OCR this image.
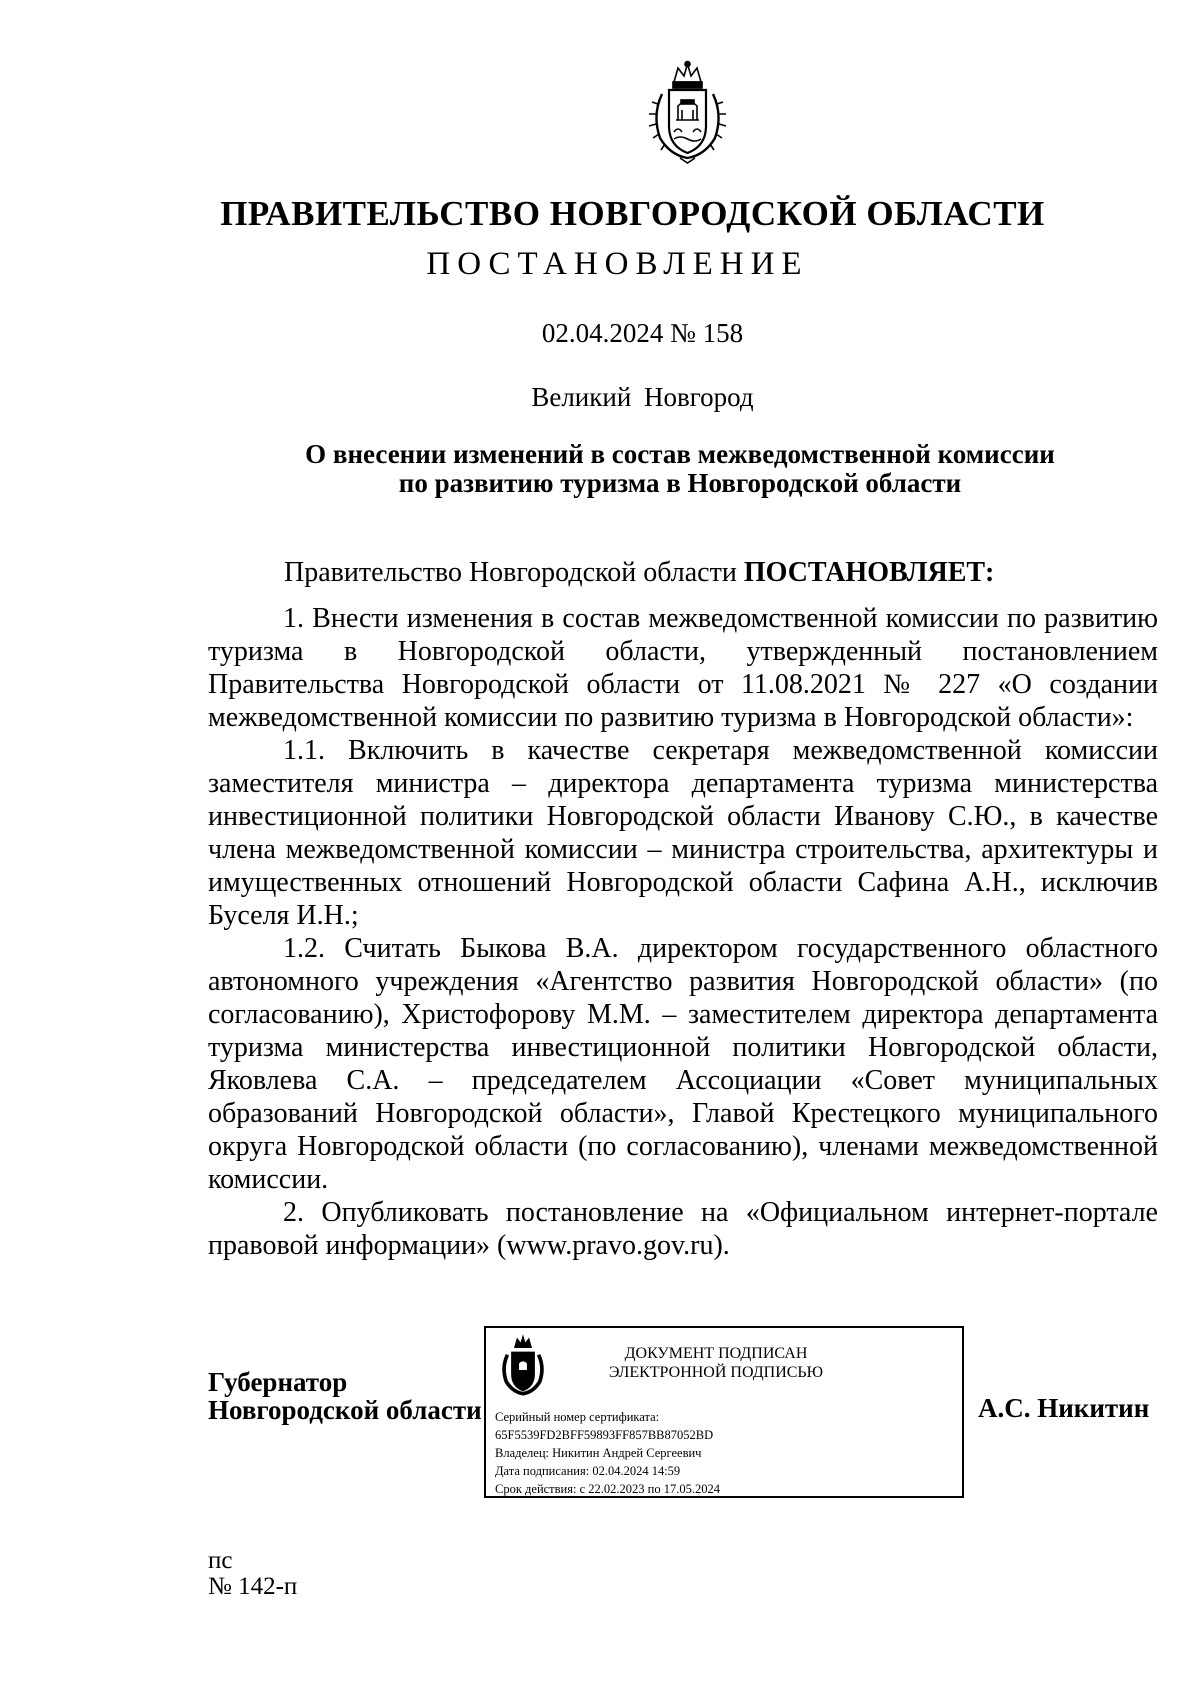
ПРАВИТЕЛЬСТВО НОВГОРОДСКОЙ ОБЛАСТИ
ПОСТАНОВЛЕНИЕ
02.04.2024 № 158
Великий Новгород
О внесении изменений в состав межведомственной комиссии
по развитию туризма в Новгородской области
Правительство Новгородской области ПОСТАНОВЛЯЕТ:

1. Внести изменения в состав межведомственной комиссии по развитию туризма в Новгородской области, утвержденный постановлением Правительства Новгородской области от 11.08.2021 № 227 «О создании межведомственной комиссии по развитию туризма в Новгородской области»:

1.1. Включить в качестве секретаря межведомственной комиссии заместителя министра – директора департамента туризма министерства инвестиционной политики Новгородской области Иванову С.Ю., в качестве члена межведомственной комиссии – министра строительства, архитектуры и имущественных отношений Новгородской области Сафина А.Н., исключив Буселя И.Н.;

1.2. Считать Быкова В.А. директором государственного областного автономного учреждения «Агентство развития Новгородской области» (по согласованию), Христофорову М.М. – заместителем директора департамента туризма министерства инвестиционной политики Новгородской области, Яковлева С.А. – председателем Ассоциации «Совет муниципальных образований Новгородской области», Главой Крестецкого муниципального округа Новгородской области (по согласованию), членами межведомственной комиссии.

2. Опубликовать постановление на «Официальном интернет-портале правовой информации» (www.pravo.gov.ru).

Губернатор
Новгородской области
ДОКУМЕНТ ПОДПИСАН
ЭЛЕКТРОННОЙ ПОДПИСЬЮ
Серийный номер сертификата:
65F5539FD2BFF59893FF857BB87052BD
Владелец: Никитин Андрей Сергеевич
Дата подписания: 02.04.2024 14:59
Срок действия: с 22.02.2023 по 17.05.2024
А.С. Никитин
пс
№ 142-п
